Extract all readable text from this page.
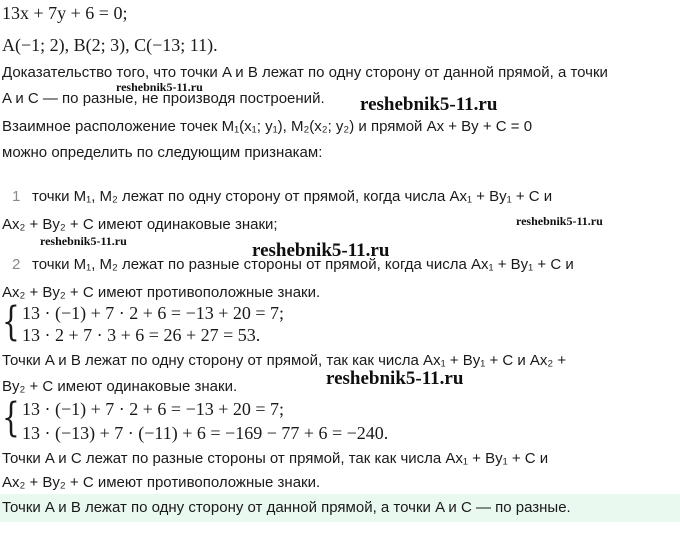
13x + 7y + 6 = 0;
A(−1; 2), B(2; 3), C(−13; 11).
Доказательство того, что точки A и B лежат по одну сторону от данной прямой, а точки
A и C — по разные, не производя построений.
Взаимное расположение точек M₁(x₁; y₁), M₂(x₂; y₂) и прямой Ax + By + C = 0
можно определить по следующим признакам:
1 точки M₁, M₂ лежат по одну сторону от прямой, когда числа Ax₁ + By₁ + C и
Ax₂ + By₂ + C имеют одинаковые знаки;
2 точки M₁, M₂ лежат по разные стороны от прямой, когда числа Ax₁ + By₁ + C и
Ax₂ + By₂ + C имеют противоположные знаки.
{ 13 · (−1) + 7 · 2 + 6 = −13 + 20 = 7;
13 · 2 + 7 · 3 + 6 = 26 + 27 = 53.
Точки A и B лежат по одну сторону от прямой, так как числа Ax₁ + By₁ + C и Ax₂ +
By₂ + C имеют одинаковые знаки.
{ 13 · (−1) + 7 · 2 + 6 = −13 + 20 = 7;
13 · (−13) + 7 · (−11) + 6 = −169 − 77 + 6 = −240.
Точки A и C лежат по разные стороны от прямой, так как числа Ax₁ + By₁ + C и
Ax₂ + By₂ + C имеют противоположные знаки.
Точки A и B лежат по одну сторону от данной прямой, а точки A и C — по разные.
reshebnik5-11.ru
reshebnik5-11.ru
reshebnik5-11.ru
reshebnik5-11.ru	reshebnik5-11.ru
reshebnik5-11.ru
